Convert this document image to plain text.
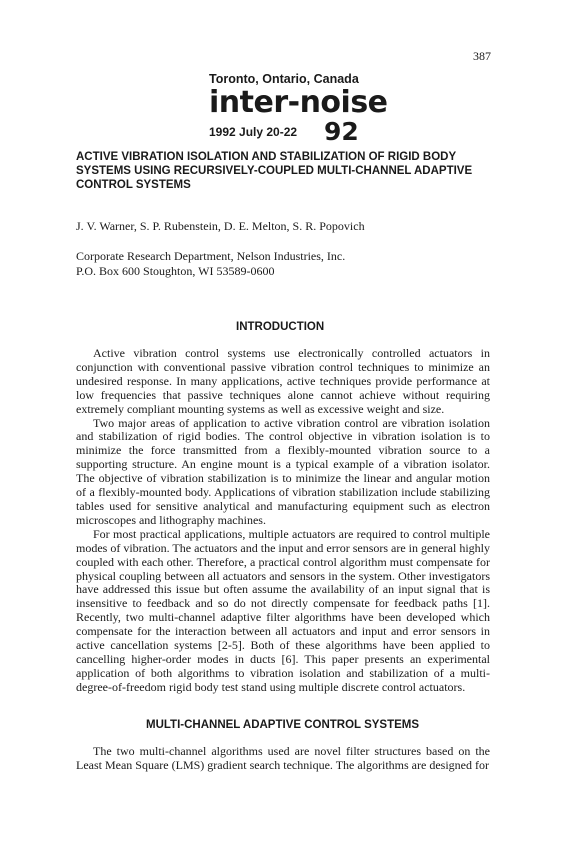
387
Toronto, Ontario, Canada
inter-noise
1992 July 20-22 92
ACTIVE VIBRATION ISOLATION AND STABILIZATION OF RIGID BODY
SYSTEMS USING RECURSIVELY-COUPLED MULTI-CHANNEL ADAPTIVE
CONTROL SYSTEMS
J. V. Warner, S. P. Rubenstein, D. E. Melton, S. R. Popovich
Corporate Research Department, Nelson Industries, Inc.
P.O. Box 600 Stoughton, WI 53589-0600
INTRODUCTION

Active vibration control systems use electronically controlled actuators in conjunction with conventional passive vibration control techniques to minimize an undesired response. In many applications, active techniques provide performance at low frequencies that passive techniques alone cannot achieve without requiring extremely compliant mounting systems as well as excessive weight and size.

Two major areas of application to active vibration control are vibration isolation and stabilization of rigid bodies. The control objective in vibration isolation is to minimize the force transmitted from a flexibly-mounted vibration source to a supporting structure. An engine mount is a typical example of a vibration isolator. The objective of vibration stabilization is to minimize the linear and angular motion of a flexibly-mounted body. Applications of vibration stabilization include stabilizing tables used for sensitive analytical and manufacturing equipment such as electron microscopes and lithography machines.

For most practical applications, multiple actuators are required to control multiple modes of vibration. The actuators and the input and error sensors are in general highly coupled with each other. Therefore, a practical control algorithm must compensate for physical coupling between all actuators and sensors in the system. Other investigators have addressed this issue but often assume the availability of an input signal that is insensitive to feedback and so do not directly compensate for feedback paths [1]. Recently, two multi-channel adaptive filter algorithms have been developed which compensate for the interaction between all actuators and input and error sensors in active cancellation systems [2-5]. Both of these algorithms have been applied to cancelling higher-order modes in ducts [6]. This paper presents an experimental application of both algorithms to vibration isolation and stabilization of a multi-degree-of-freedom rigid body test stand using multiple discrete control actuators.

MULTI-CHANNEL ADAPTIVE CONTROL SYSTEMS

The two multi-channel algorithms used are novel filter structures based on the Least Mean Square (LMS) gradient search technique. The algorithms are designed for
